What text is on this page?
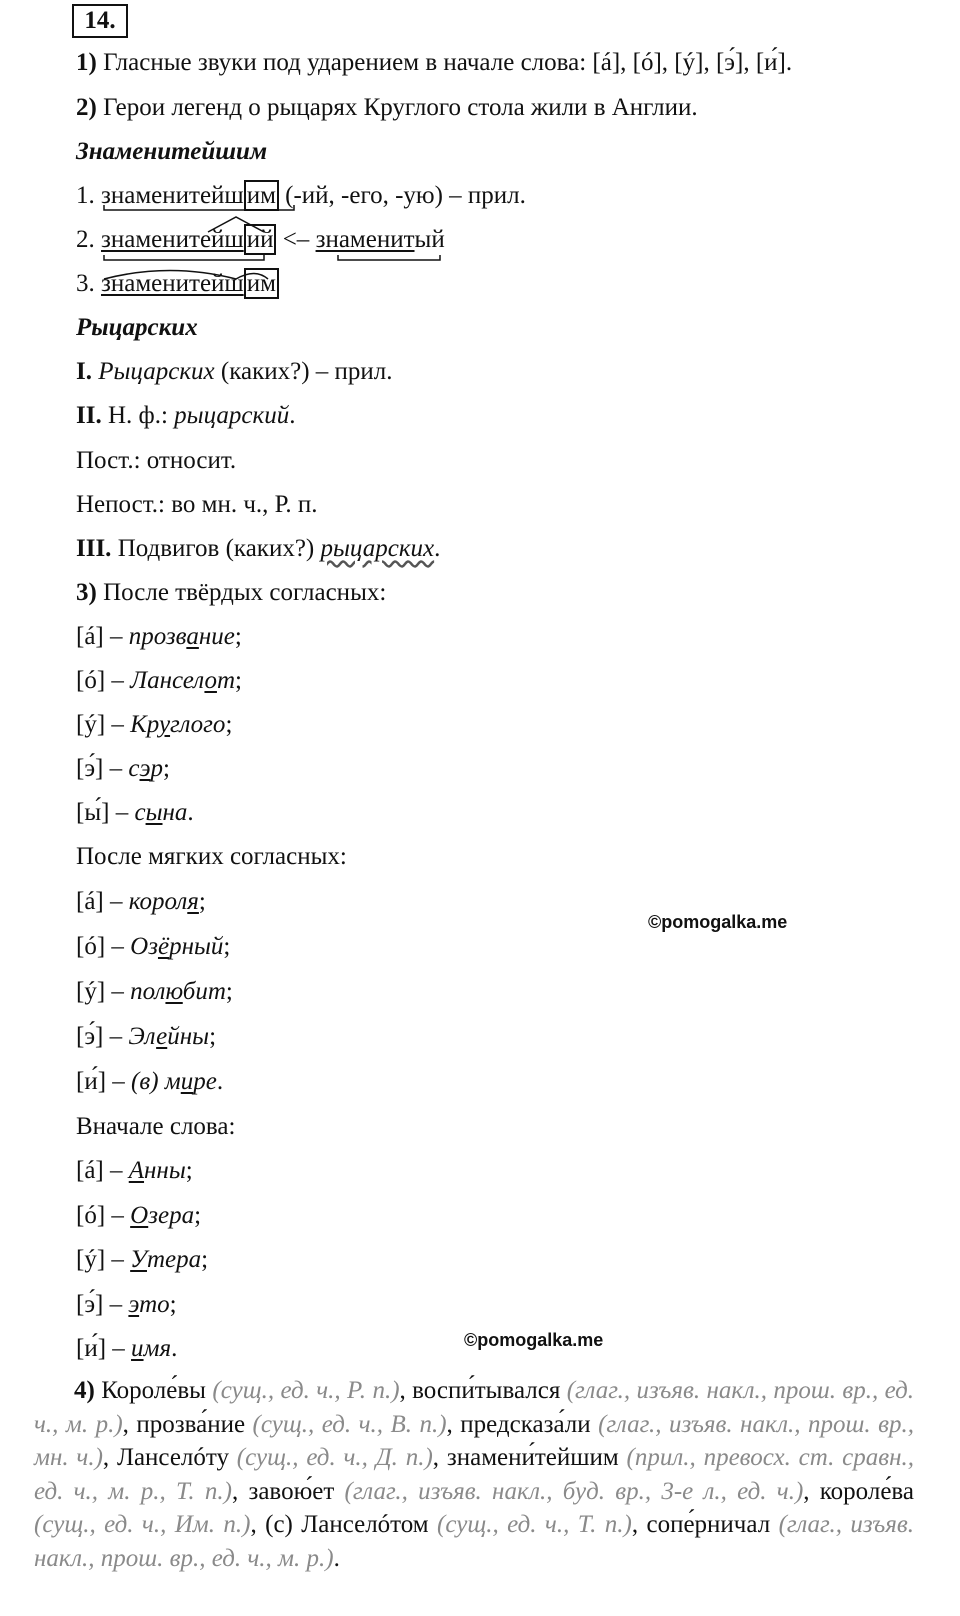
14.
1) Гласные звуки под ударением в начале слова: [á], [ó], [ý], [э́], [и́].
2) Герои легенд о рыцарях Круглого стола жили в Англии.
Знаменитейшим
1. знаменитейш им (-ий, -его, -ую) – прил.
2. знаменитейш ий <– знаменитый
3. знаменитейш им
Рыцарских
I. Рыцарских (каких?) – прил.
II. Н. ф.: рыцарский.
Пост.: относит.
Непост.: во мн. ч., Р. п.
III. Подвигов (каких?) рыцарских.
3) После твёрдых согласных:
[á] – прозвание;
[ó] – Ланселот;
[ý] – Круглого;
[э́] – сэр;
[ы́] – сына.
После мягких согласных:
[á] – короля;
[ó] – Озёрный;
[ý] – полюбит;
[э́] – Элейны;
[и́] – (в) мире.
©pomogalka.me
Вначале слова:
[á] – Анны;
[ó] – Озера;
[ý] – Утера;
[э́] – это;
[и́] – имя.	©pomogalka.me
4) Короле́вы (сущ., ед. ч., Р. п.), воспи́тывался (глаг., изъяв. накл., прош. вр., ед. ч., м. р.), прозва́ние (сущ., ед. ч., В. п.), предсказа́ли (глаг., изъяв. накл., прош. вр., мн. ч.), Ланселóту (сущ., ед. ч., Д. п.), знамени́тейшим (прил., превосх. ст. сравн., ед. ч., м. р., Т. п.), завою́ет (глаг., изъяв. накл., буд. вр., 3-е л., ед. ч.), короле́ва (сущ., ед. ч., Им. п.), (с) Ланселóтом (сущ., ед. ч., Т. п.), сопе́рничал (глаг., изъяв. накл., прош. вр., ед. ч., м. р.).
